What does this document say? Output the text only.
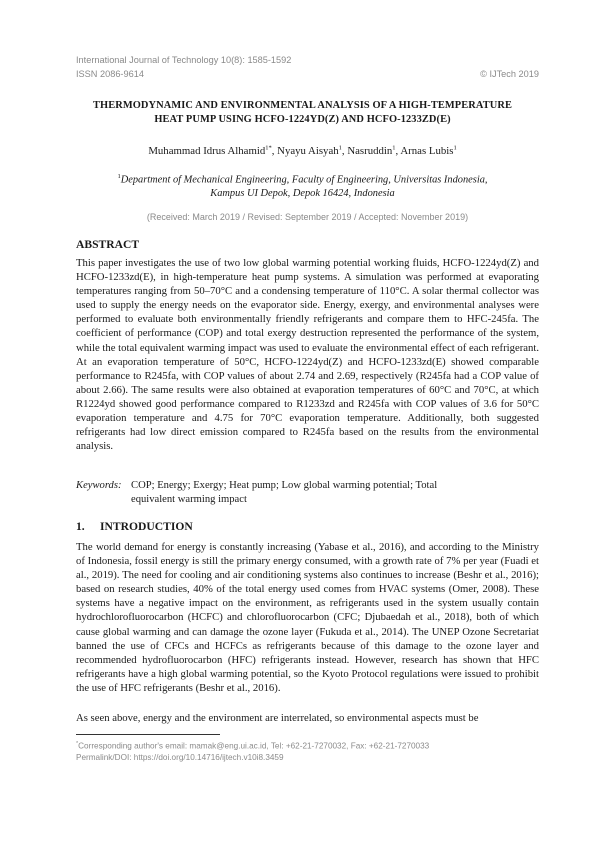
International Journal of Technology 10(8): 1585-1592
ISSN 2086-9614	© IJTech 2019
THERMODYNAMIC AND ENVIRONMENTAL ANALYSIS OF A HIGH-TEMPERATURE HEAT PUMP USING HCFO-1224YD(Z) AND HCFO-1233ZD(E)
Muhammad Idrus Alhamid$^{1*}$, Nyayu Aisyah$^1$, Nasruddin$^1$, Arnas Lubis$^1$
$^1$Department of Mechanical Engineering, Faculty of Engineering, Universitas Indonesia, Kampus UI Depok, Depok 16424, Indonesia
(Received: March 2019 / Revised: September 2019 / Accepted: November 2019)
ABSTRACT
This paper investigates the use of two low global warming potential working fluids, HCFO-1224yd(Z) and HCFO-1233zd(E), in high-temperature heat pump systems. A simulation was performed at evaporating temperatures ranging from 50–70°C and a condensing temperature of 110°C. A solar thermal collector was used to supply the energy needs on the evaporator side. Energy, exergy, and environmental analyses were performed to evaluate both environmentally friendly refrigerants and compare them to HFC-245fa. The coefficient of performance (COP) and total exergy destruction represented the performance of the system, while the total equivalent warming impact was used to evaluate the environmental effect of each refrigerant. At an evaporation temperature of 50°C, HCFO-1224yd(Z) and HCFO-1233zd(E) showed comparable performance to R245fa, with COP values of about 2.74 and 2.69, respectively (R245fa had a COP value of about 2.66). The same results were also obtained at evaporation temperatures of 60°C and 70°C, at which R1224yd showed good performance compared to R1233zd and R245fa with COP values of 3.6 for 50°C evaporation temperature and 4.75 for 70°C evaporation temperature. Additionally, both suggested refrigerants had low direct emission compared to R245fa based on the results from the environmental analysis.
Keywords: COP; Energy; Exergy; Heat pump; Low global warming potential; Total equivalent warming impact
1. INTRODUCTION
The world demand for energy is constantly increasing (Yabase et al., 2016), and according to the Ministry of Indonesia, fossil energy is still the primary energy consumed, with a growth rate of 7% per year (Fuadi et al., 2019). The need for cooling and air conditioning systems also continues to increase (Beshr et al., 2016); based on research studies, 40% of the total energy used comes from HVAC systems (Omer, 2008). These systems have a negative impact on the environment, as refrigerants used in the system usually contain hydrochlorofluorocarbon (HCFC) and chlorofluorocarbon (CFC; Djubaedah et al., 2018), both of which cause global warming and can damage the ozone layer (Fukuda et al., 2014). The UNEP Ozone Secretariat banned the use of CFCs and HCFCs as refrigerants because of this damage to the ozone layer and recommended hydrofluorocarbon (HFC) refrigerants instead. However, research has shown that HFC refrigerants have a high global warming potential, so the Kyoto Protocol regulations were issued to prohibit the use of HFC refrigerants (Beshr et al., 2016).
As seen above, energy and the environment are interrelated, so environmental aspects must be
*Corresponding author's email: mamak@eng.ui.ac.id, Tel: +62-21-7270032, Fax: +62-21-7270033
Permalink/DOI: https://doi.org/10.14716/ijtech.v10i8.3459
